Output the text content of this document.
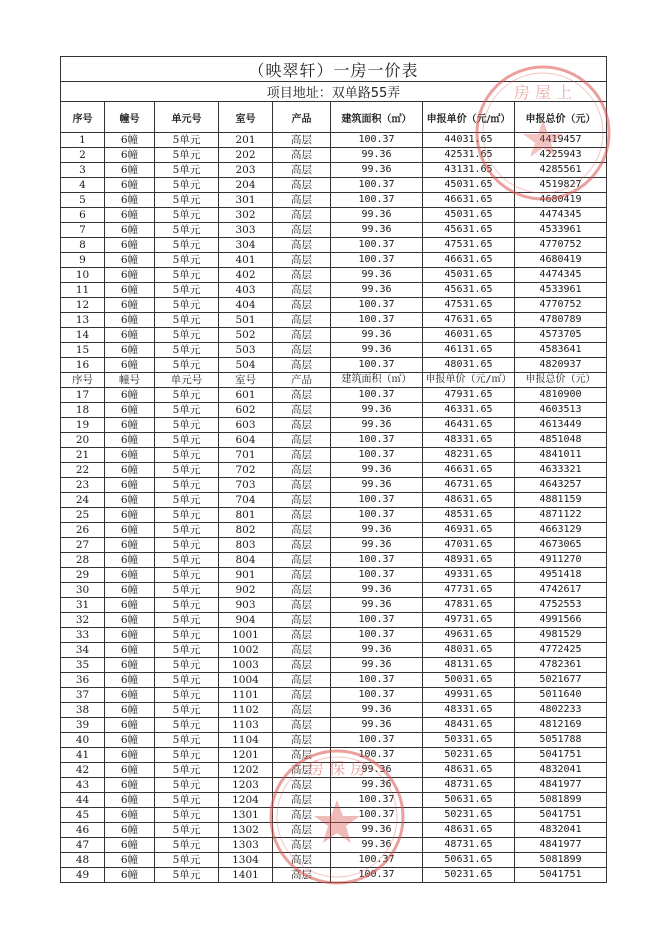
（映翠轩）一房一价表							
项目地址：双单路55弄							
序号	幢号	单元号	室号	产品	建筑面积（㎡）	申报单价（元/㎡）	申报总价（元）
1	6幢	5单元	201	高层	100.37	44031.65	4419457
2	6幢	5单元	202	高层	99.36	42531.65	4225943
3	6幢	5单元	203	高层	99.36	43131.65	4285561
4	6幢	5单元	204	高层	100.37	45031.65	4519827
5	6幢	5单元	301	高层	100.37	46631.65	4680419
6	6幢	5单元	302	高层	99.36	45031.65	4474345
7	6幢	5单元	303	高层	99.36	45631.65	4533961
8	6幢	5单元	304	高层	100.37	47531.65	4770752
9	6幢	5单元	401	高层	100.37	46631.65	4680419
10	6幢	5单元	402	高层	99.36	45031.65	4474345
11	6幢	5单元	403	高层	99.36	45631.65	4533961
12	6幢	5单元	404	高层	100.37	47531.65	4770752
13	6幢	5单元	501	高层	100.37	47631.65	4780789
14	6幢	5单元	502	高层	99.36	46031.65	4573705
15	6幢	5单元	503	高层	99.36	46131.65	4583641
16	6幢	5单元	504	高层	100.37	48031.65	4820937
序号	幢号	单元号	室号	产品	建筑面积（㎡）	申报单价（元/㎡）	申报总价（元）
17	6幢	5单元	601	高层	100.37	47931.65	4810900
18	6幢	5单元	602	高层	99.36	46331.65	4603513
19	6幢	5单元	603	高层	99.36	46431.65	4613449
20	6幢	5单元	604	高层	100.37	48331.65	4851048
21	6幢	5单元	701	高层	100.37	48231.65	4841011
22	6幢	5单元	702	高层	99.36	46631.65	4633321
23	6幢	5单元	703	高层	99.36	46731.65	4643257
24	6幢	5单元	704	高层	100.37	48631.65	4881159
25	6幢	5单元	801	高层	100.37	48531.65	4871122
26	6幢	5单元	802	高层	99.36	46931.65	4663129
27	6幢	5单元	803	高层	99.36	47031.65	4673065
28	6幢	5单元	804	高层	100.37	48931.65	4911270
29	6幢	5单元	901	高层	100.37	49331.65	4951418
30	6幢	5单元	902	高层	99.36	47731.65	4742617
31	6幢	5单元	903	高层	99.36	47831.65	4752553
32	6幢	5单元	904	高层	100.37	49731.65	4991566
33	6幢	5单元	1001	高层	100.37	49631.65	4981529
34	6幢	5单元	1002	高层	99.36	48031.65	4772425
35	6幢	5单元	1003	高层	99.36	48131.65	4782361
36	6幢	5单元	1004	高层	100.37	50031.65	5021677
37	6幢	5单元	1101	高层	100.37	49931.65	5011640
38	6幢	5单元	1102	高层	99.36	48331.65	4802233
39	6幢	5单元	1103	高层	99.36	48431.65	4812169
40	6幢	5单元	1104	高层	100.37	50331.65	5051788
41	6幢	5单元	1201	高层	100.37	50231.65	5041751
42	6幢	5单元	1202	高层	99.36	48631.65	4832041
43	6幢	5单元	1203	高层	99.36	48731.65	4841977
44	6幢	5单元	1204	高层	100.37	50631.65	5081899
45	6幢	5单元	1301	高层	100.37	50231.65	5041751
46	6幢	5单元	1302	高层	99.36	48631.65	4832041
47	6幢	5单元	1303	高层	99.36	48731.65	4841977
48	6幢	5单元	1304	高层	100.37	50631.65	5081899
49	6幢	5单元	1401	高层	100.37	50231.65	5041751
房 屋 上
房 保 房
